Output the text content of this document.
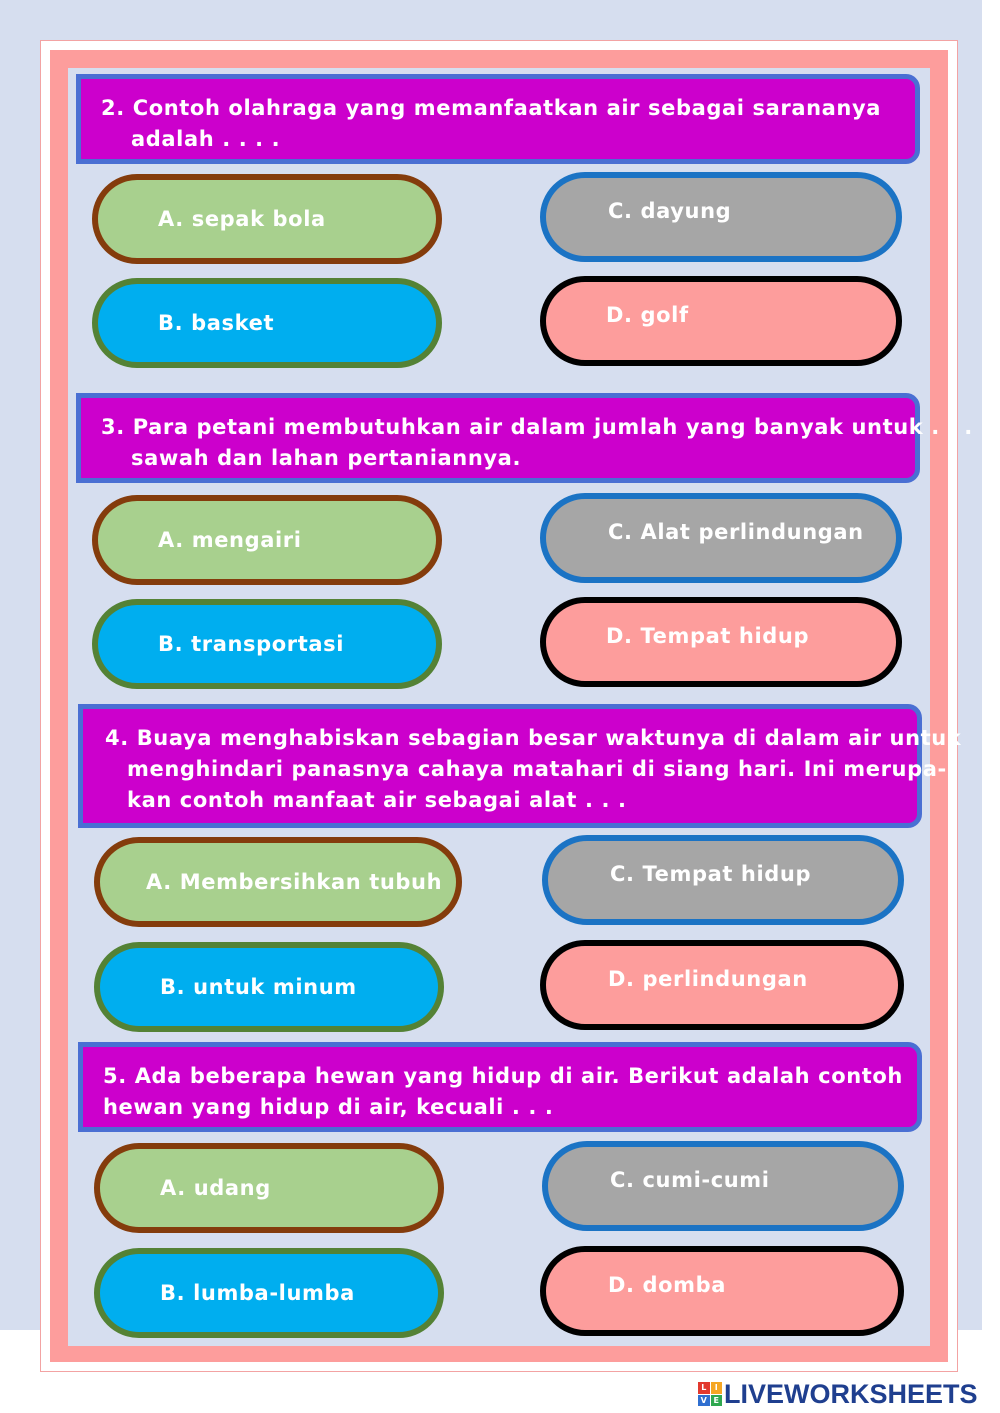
2. Contoh olahraga yang memanfaatkan air sebagai sarananya
adalah . . . .
A. sepak bola	C. dayung
B. basket	D. golf
3. Para petani membutuhkan air dalam jumlah yang banyak untuk . . .
sawah dan lahan pertaniannya.
A. mengairi	C. Alat perlindungan
B. transportasi	D. Tempat hidup
4. Buaya menghabiskan sebagian besar waktunya di dalam air untuk
menghindari panasnya cahaya matahari di siang hari. Ini merupa-
kan contoh manfaat air sebagai alat . . .
A. Membersihkan tubuh	C. Tempat hidup
B. untuk minum	D. perlindungan
5. Ada beberapa hewan yang hidup di air. Berikut adalah contoh
hewan yang hidup di air, kecuali . . .
A. udang	C. cumi-cumi
B. lumba-lumba	D. domba
L	I
V E LIVEWORKSHEETS
